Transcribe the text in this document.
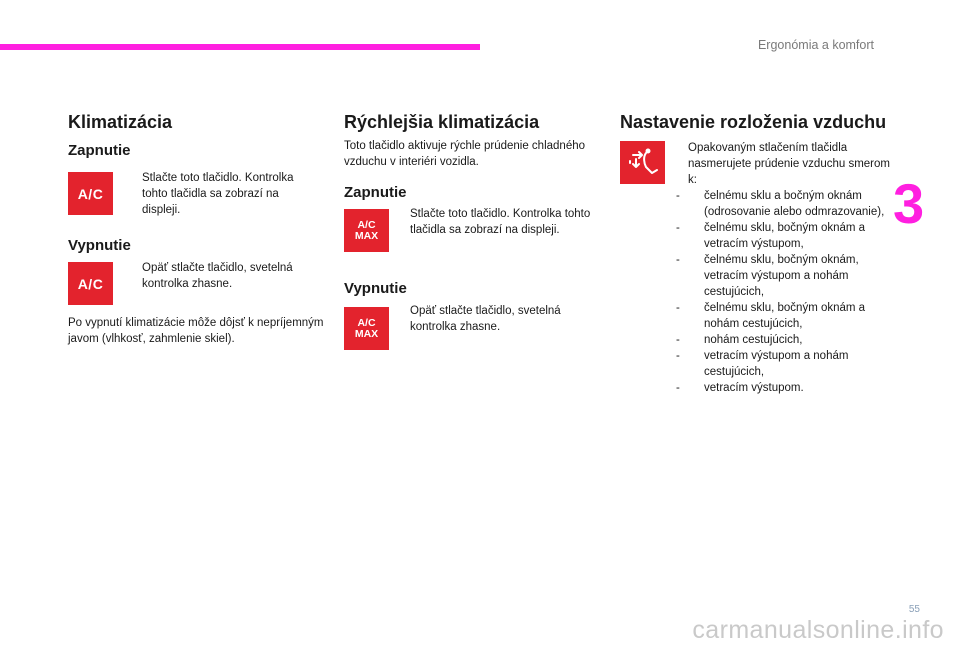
Ergonómia a komfort
3
Klimatizácia
Zapnutie
A/C
Stlačte toto tlačidlo. Kontrolka tohto tlačidla sa zobrazí na displeji.
Vypnutie
A/C
Opäť stlačte tlačidlo, svetelná kontrolka zhasne.
Po vypnutí klimatizácie môže dôjsť k nepríjemným javom (vlhkosť, zahmlenie skiel).
Rýchlejšia klimatizácia
Toto tlačidlo aktivuje rýchle prúdenie chladného vzduchu v interiéri vozidla.
Zapnutie
A/C
MAX
Stlačte toto tlačidlo. Kontrolka tohto tlačidla sa zobrazí na displeji.
Vypnutie
A/C
MAX
Opäť stlačte tlačidlo, svetelná kontrolka zhasne.
Nastavenie rozloženia vzduchu
Opakovaným stlačením tlačidla nasmerujete prúdenie vzduchu smerom k:
-	čelnému sklu a bočným oknám (odrosovanie alebo odmrazovanie),
-	čelnému sklu, bočným oknám a vetracím výstupom,
-	čelnému sklu, bočným oknám, vetracím výstupom a nohám cestujúcich,
-	čelnému sklu, bočným oknám a nohám cestujúcich,
-	nohám cestujúcich,
-	vetracím výstupom a nohám cestujúcich,
-	vetracím výstupom.
55
carmanualsonline.info
